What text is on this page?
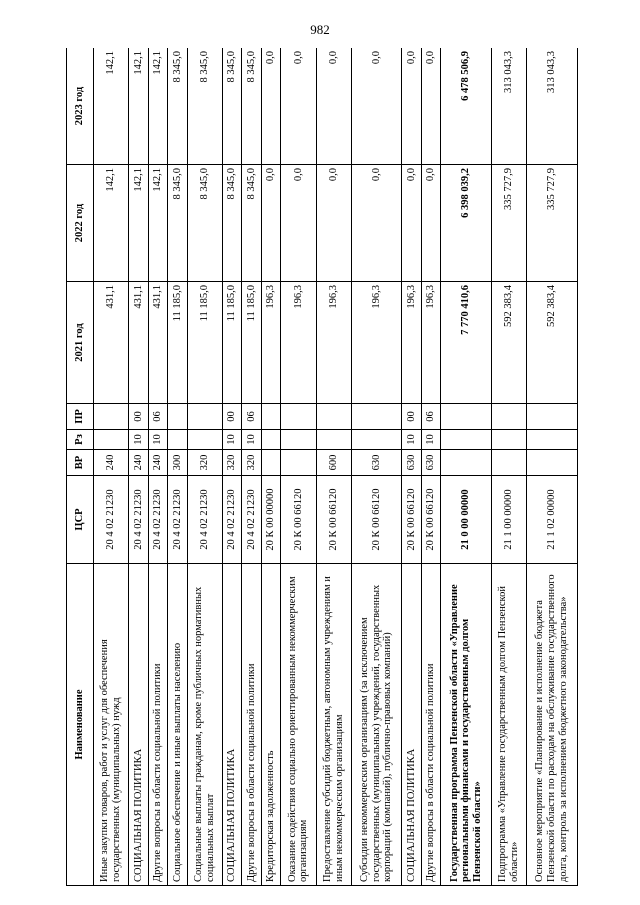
982
Наименование	ЦСР	ВР	Рз	ПР	2021 год	2022 год	2023 год
Иные закупки товаров, работ и услуг для обеспечения государственных (муниципальных) нужд	20 4 02 21230	240			431,1	142,1	142,1
СОЦИАЛЬНАЯ ПОЛИТИКА	20 4 02 21230	240	10	00	431,1	142,1	142,1
Другие вопросы в области социальной политики	20 4 02 21230	240	10	06	431,1	142,1	142,1
Социальное обеспечение и иные выплаты населению	20 4 02 21230	300			11 185,0	8 345,0	8 345,0
Социальные выплаты гражданам, кроме публичных нормативных социальных выплат	20 4 02 21230	320			11 185,0	8 345,0	8 345,0
СОЦИАЛЬНАЯ ПОЛИТИКА	20 4 02 21230	320	10	00	11 185,0	8 345,0	8 345,0
Другие вопросы в области социальной политики	20 4 02 21230	320	10	06	11 185,0	8 345,0	8 345,0
Кредиторская задолженность	20 К 00 00000				196,3	0,0	0,0
Оказание содействия социально ориентированным некоммерческим организациям	20 К 00 66120				196,3	0,0	0,0
Предоставление субсидий бюджетным, автономным учреждениям и иным некоммерческим организациям	20 К 00 66120	600			196,3	0,0	0,0
Субсидии некоммерческим организациям (за исключением государственных (муниципальных) учреждений, государственных корпораций (компаний), публично-правовых компаний)	20 К 00 66120	630			196,3	0,0	0,0
СОЦИАЛЬНАЯ ПОЛИТИКА	20 К 00 66120	630	10	00	196,3	0,0	0,0
Другие вопросы в области социальной политики	20 К 00 66120	630	10	06	196,3	0,0	0,0
Государственная программа Пензенской области «Управление региональными финансами и государственным долгом Пензенской области»	21 0 00 00000				7 770 410,6	6 398 039,2	6 478 506,9
Подпрограмма «Управление государственным долгом Пензенской области»	21 1 00 00000				592 383,4	335 727,9	313 043,3
Основное мероприятие «Планирование и исполнение бюджета Пензенской области по расходам на обслуживание государственного долга, контроль за исполнением бюджетного законодательства»	21 1 02 00000				592 383,4	335 727,9	313 043,3
